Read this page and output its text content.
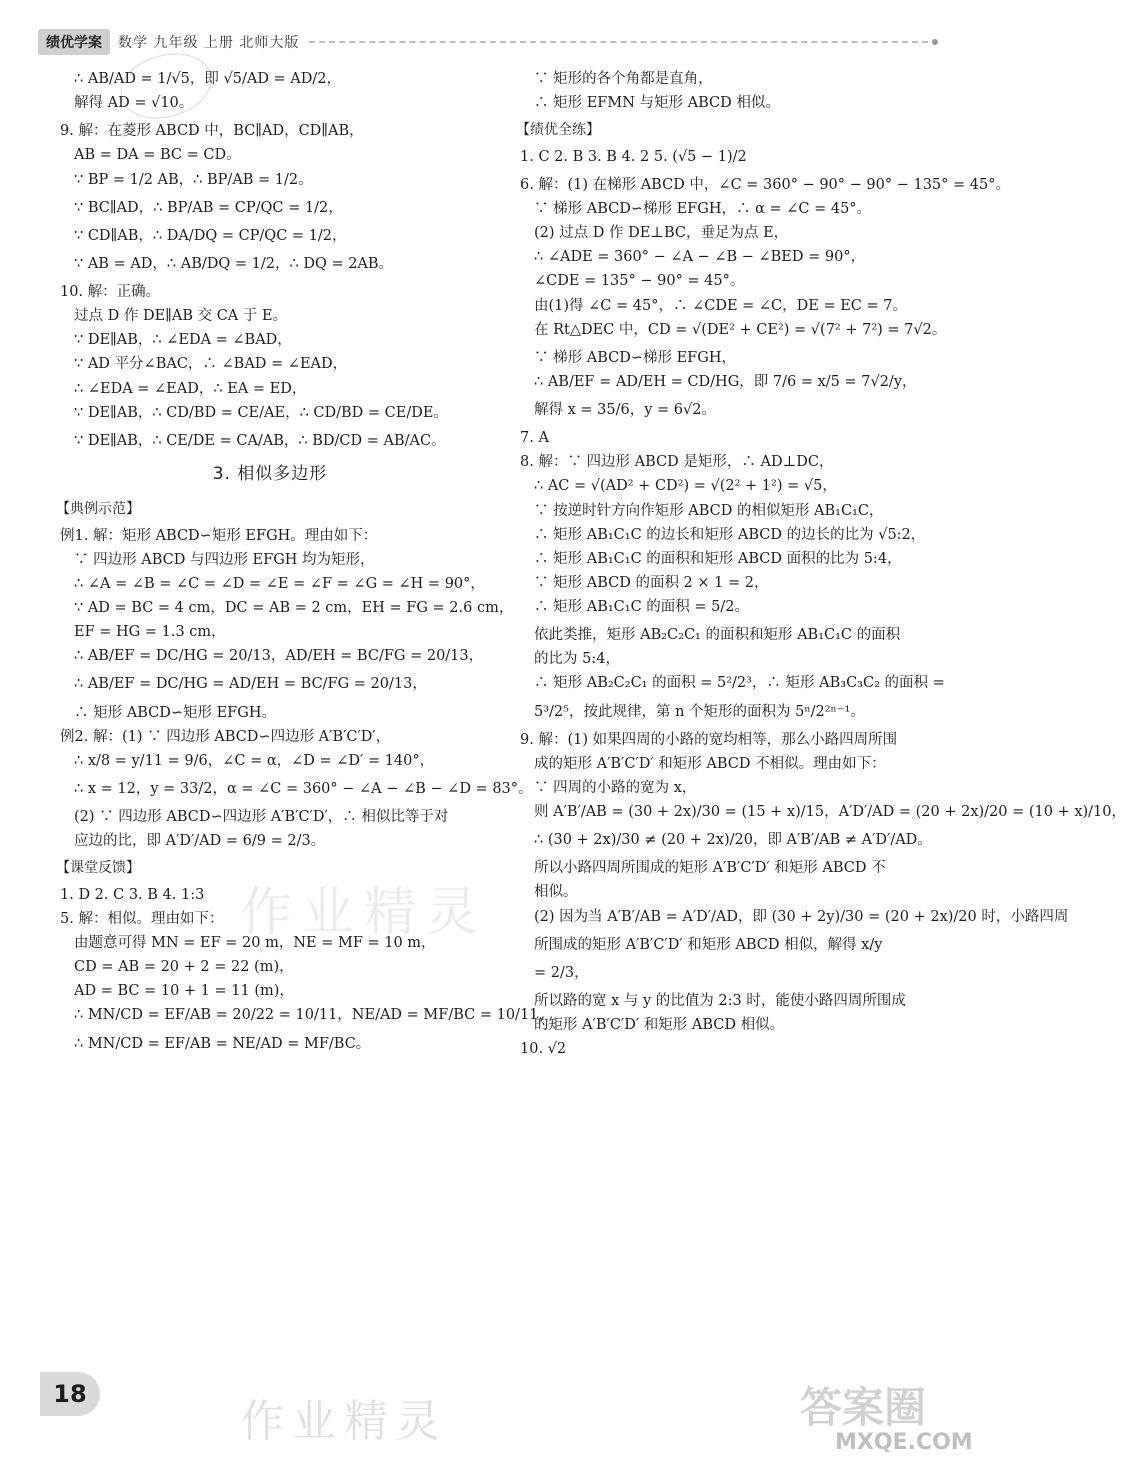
绩优学案	数学 九年级 上册 北师大版
∴ AB/AD = 1/√5，即 √5/AD = AD/2，
解得 AD = √10。
9. 解：在菱形 ABCD 中，BC∥AD，CD∥AB，
AB = DA = BC = CD。
∵ BP = 1/2 AB，∴ BP/AB = 1/2。
∵ BC∥AD，∴ BP/AB = CP/QC = 1/2，
∵ CD∥AB，∴ DA/DQ = CP/QC = 1/2，
∵ AB = AD，∴ AB/DQ = 1/2，∴ DQ = 2AB。
10. 解：正确。
过点 D 作 DE∥AB 交 CA 于 E。
∵ DE∥AB，∴ ∠EDA = ∠BAD，
∵ AD 平分∠BAC，∴ ∠BAD = ∠EAD，
∴ ∠EDA = ∠EAD，∴ EA = ED，
∵ DE∥AB，∴ CD/BD = CE/AE，∴ CD/BD = CE/DE。
∵ DE∥AB，∴ CE/DE = CA/AB，∴ BD/CD = AB/AC。
3. 相似多边形
【典例示范】
例1. 解：矩形 ABCD∽矩形 EFGH。理由如下：
∵ 四边形 ABCD 与四边形 EFGH 均为矩形，
∴ ∠A = ∠B = ∠C = ∠D = ∠E = ∠F = ∠G = ∠H = 90°，
∵ AD = BC = 4 cm，DC = AB = 2 cm，EH = FG = 2.6 cm，
EF = HG = 1.3 cm，
∴ AB/EF = DC/HG = 20/13，AD/EH = BC/FG = 20/13，
∴ AB/EF = DC/HG = AD/EH = BC/FG = 20/13，
∴ 矩形 ABCD∽矩形 EFGH。
例2. 解：(1) ∵ 四边形 ABCD∽四边形 A′B′C′D′，
∴ x/8 = y/11 = 9/6，∠C = α，∠D = ∠D′ = 140°，
∴ x = 12，y = 33/2，α = ∠C = 360° − ∠A − ∠B − ∠D = 83°。
(2) ∵ 四边形 ABCD∽四边形 A′B′C′D′，∴ 相似比等于对
应边的比，即 A′D′/AD = 6/9 = 2/3。
【课堂反馈】
1. D 2. C 3. B 4. 1:3
5. 解：相似。理由如下：
由题意可得 MN = EF = 20 m，NE = MF = 10 m，
CD = AB = 20 + 2 = 22 (m)，
AD = BC = 10 + 1 = 11 (m)，
∴ MN/CD = EF/AB = 20/22 = 10/11，NE/AD = MF/BC = 10/11，
∴ MN/CD = EF/AB = NE/AD = MF/BC。
∵ 矩形的各个角都是直角，
∴ 矩形 EFMN 与矩形 ABCD 相似。
【绩优全练】
1. C 2. B 3. B 4. 2 5. (√5 − 1)/2
6. 解：(1) 在梯形 ABCD 中，∠C = 360° − 90° − 90° − 135° = 45°。
∵ 梯形 ABCD∽梯形 EFGH，∴ α = ∠C = 45°。
(2) 过点 D 作 DE⊥BC，垂足为点 E，
∴ ∠ADE = 360° − ∠A − ∠B − ∠BED = 90°，
∠CDE = 135° − 90° = 45°。
由(1)得 ∠C = 45°，∴ ∠CDE = ∠C，DE = EC = 7。
在 Rt△DEC 中，CD = √(DE² + CE²) = √(7² + 7²) = 7√2。
∵ 梯形 ABCD∽梯形 EFGH，
∴ AB/EF = AD/EH = CD/HG，即 7/6 = x/5 = 7√2/y，
解得 x = 35/6，y = 6√2。
7. A
8. 解：∵ 四边形 ABCD 是矩形，∴ AD⊥DC，
∴ AC = √(AD² + CD²) = √(2² + 1²) = √5，
∵ 按逆时针方向作矩形 ABCD 的相似矩形 AB₁C₁C，
∴ 矩形 AB₁C₁C 的边长和矩形 ABCD 的边长的比为 √5:2，
∴ 矩形 AB₁C₁C 的面积和矩形 ABCD 面积的比为 5:4，
∵ 矩形 ABCD 的面积 2 × 1 = 2，
∴ 矩形 AB₁C₁C 的面积 = 5/2。
依此类推，矩形 AB₂C₂C₁ 的面积和矩形 AB₁C₁C 的面积
的比为 5:4，
∴ 矩形 AB₂C₂C₁ 的面积 = 5²/2³，∴ 矩形 AB₃C₃C₂ 的面积 =
5³/2⁵，按此规律，第 n 个矩形的面积为 5ⁿ/2²ⁿ⁻¹。
9. 解：(1) 如果四周的小路的宽均相等，那么小路四周所围
成的矩形 A′B′C′D′ 和矩形 ABCD 不相似。理由如下：
∵ 四周的小路的宽为 x，
则 A′B′/AB = (30 + 2x)/30 = (15 + x)/15，A′D′/AD = (20 + 2x)/20 = (10 + x)/10，
∴ (30 + 2x)/30 ≠ (20 + 2x)/20，即 A′B′/AB ≠ A′D′/AD。
所以小路四周所围成的矩形 A′B′C′D′ 和矩形 ABCD 不
相似。
(2) 因为当 A′B′/AB = A′D′/AD，即 (30 + 2y)/30 = (20 + 2x)/20 时，小路四周
所围成的矩形 A′B′C′D′ 和矩形 ABCD 相似，解得 x/y
= 2/3，
所以路的宽 x 与 y 的比值为 2:3 时，能使小路四周所围成
的矩形 A′B′C′D′ 和矩形 ABCD 相似。
10. √2
作业精灵
作业精灵	答案圈
MXQE.COM
18
